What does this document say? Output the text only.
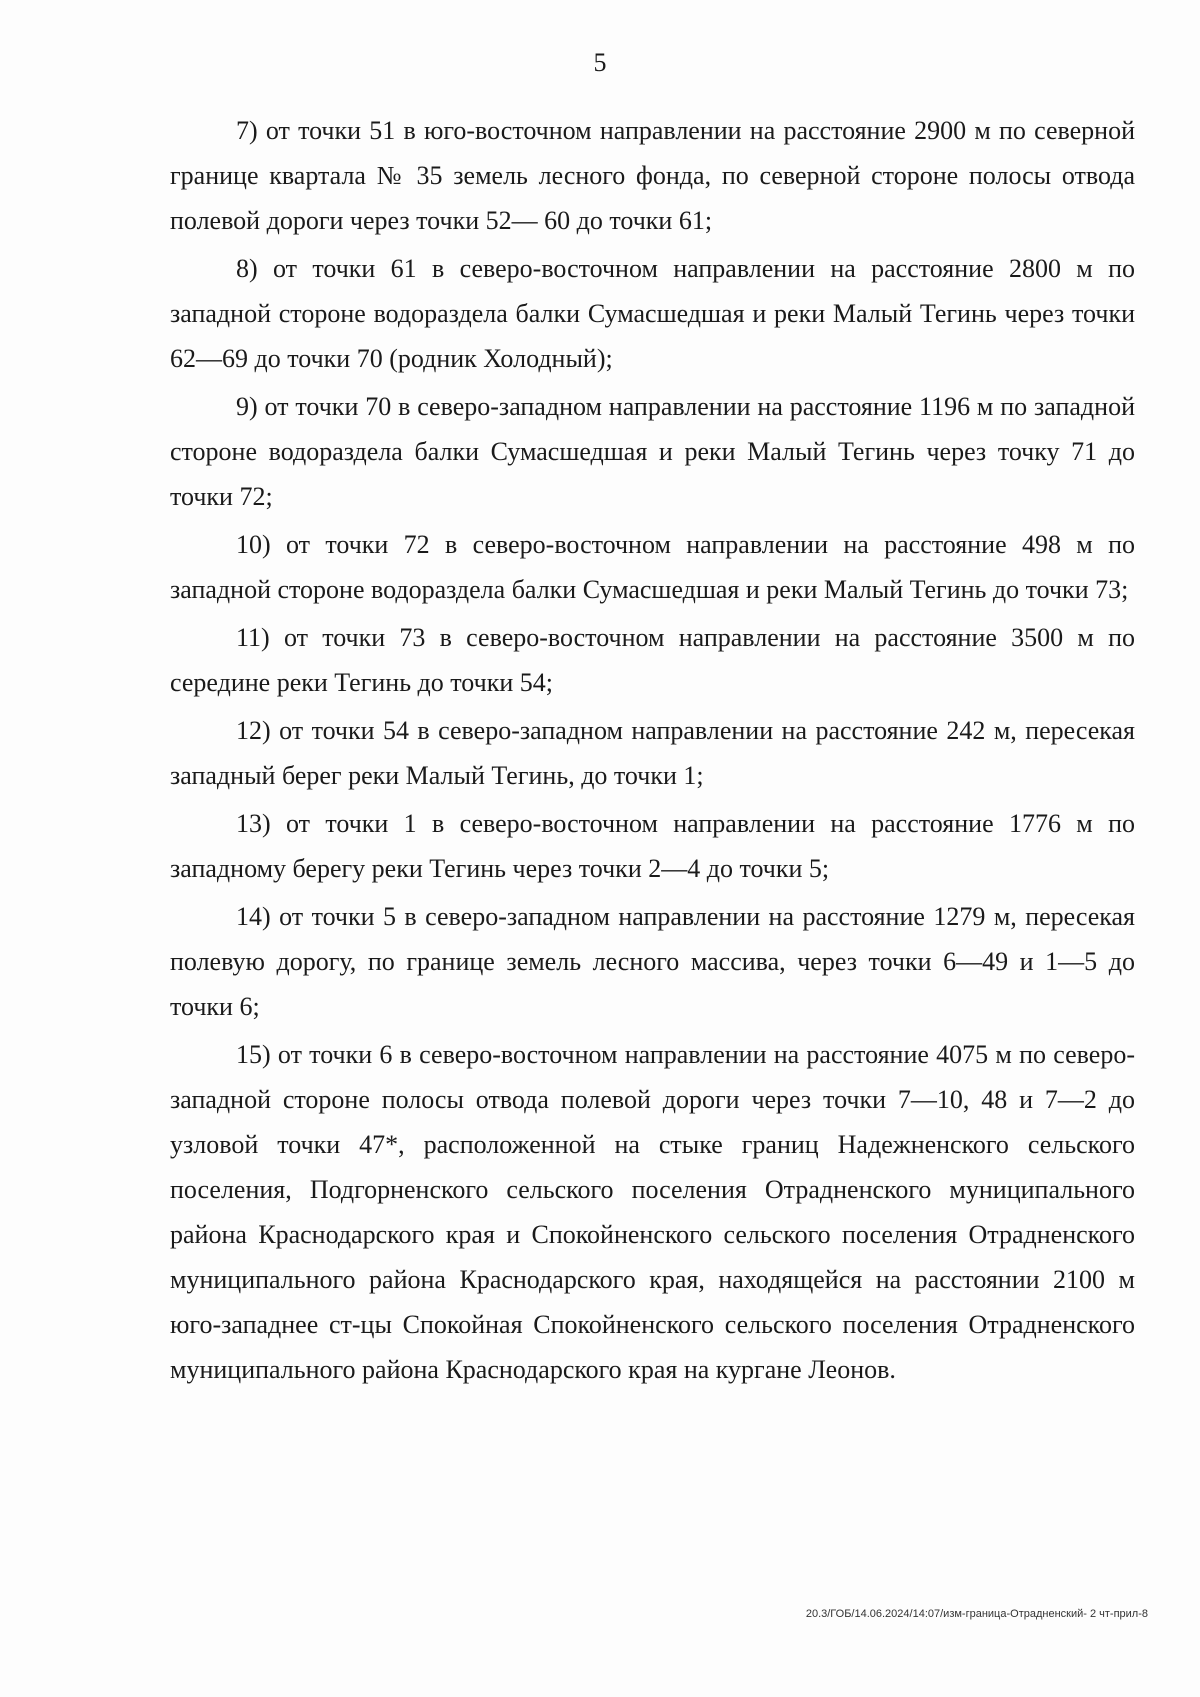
5

7) от точки 51 в юго-восточном направлении на расстояние 2900 м по северной границе квартала № 35 земель лесного фонда, по северной стороне полосы отвода полевой дороги через точки 52— 60 до точки 61;

8) от точки 61 в северо-восточном направлении на расстояние 2800 м по западной стороне водораздела балки Сумасшедшая и реки Малый Тегинь через точки 62—69 до точки 70 (родник Холодный);

9) от точки 70 в северо-западном направлении на расстояние 1196 м по западной стороне водораздела балки Сумасшедшая и реки Малый Тегинь через точку 71 до точки 72;

10) от точки 72 в северо-восточном направлении на расстояние 498 м по западной стороне водораздела балки Сумасшедшая и реки Малый Тегинь до точки 73;

11) от точки 73 в северо-восточном направлении на расстояние 3500 м по середине реки Тегинь до точки 54;

12) от точки 54 в северо-западном направлении на расстояние 242 м, пересекая западный берег реки Малый Тегинь, до точки 1;

13) от точки 1 в северо-восточном направлении на расстояние 1776 м по западному берегу реки Тегинь через точки 2—4 до точки 5;

14) от точки 5 в северо-западном направлении на расстояние 1279 м, пересекая полевую дорогу, по границе земель лесного массива, через точки 6—49 и 1—5 до точки 6;

15) от точки 6 в северо-восточном направлении на расстояние 4075 м по северо-западной стороне полосы отвода полевой дороги через точки 7—10, 48 и 7—2 до узловой точки 47*, расположенной на стыке границ Надежненского сельского поселения, Подгорненского сельского поселения Отрадненского муниципального района Краснодарского края и Спокойненского сельского поселения Отрадненского муниципального района Краснодарского края, находящейся на расстоянии 2100 м юго-западнее ст-цы Спокойная Спокойненского сельского поселения Отрадненского муниципального района Краснодарского края на кургане Леонов.

20.3/ГОБ/14.06.2024/14:07/изм-граница-Отрадненский- 2 чт-прил-8
